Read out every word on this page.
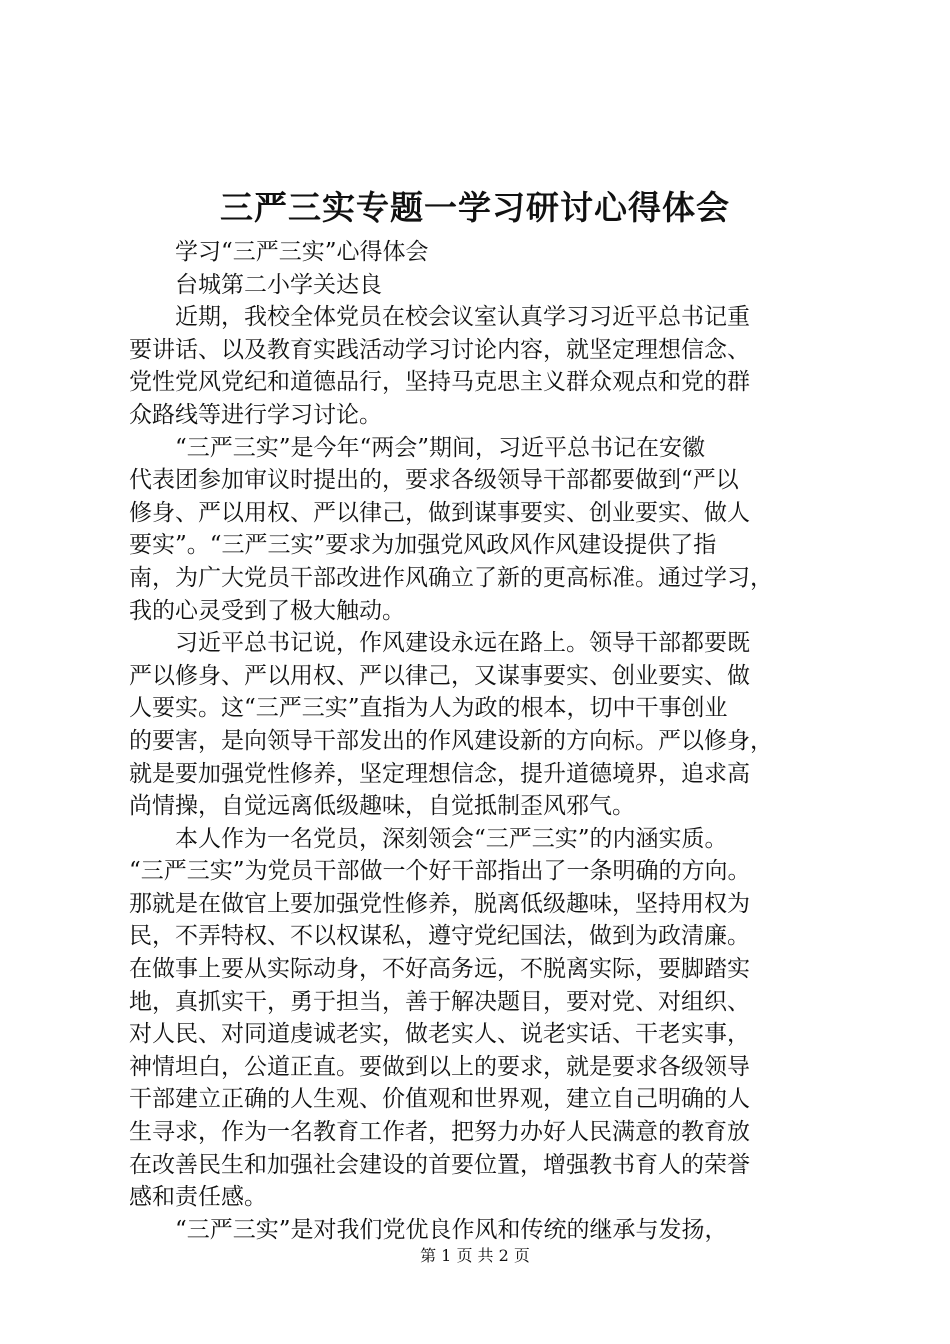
三严三实专题一学习研讨心得体会

　　学习“三严三实”心得体会

　　台城第二小学关达良

　　近期，我校全体党员在校会议室认真学习习近平总书记重

要讲话、以及教育实践活动学习讨论内容，就坚定理想信念、

党性党风党纪和道德品行，坚持马克思主义群众观点和党的群

众路线等进行学习讨论。

　　“三严三实”是今年“两会”期间，习近平总书记在安徽

代表团参加审议时提出的，要求各级领导干部都要做到“严以

修身、严以用权、严以律己，做到谋事要实、创业要实、做人

要实”。“三严三实”要求为加强党风政风作风建设提供了指

南，为广大党员干部改进作风确立了新的更高标准。通过学习，

我的心灵受到了极大触动。

　　习近平总书记说，作风建设永远在路上。领导干部都要既

严以修身、严以用权、严以律己，又谋事要实、创业要实、做

人要实。这“三严三实”直指为人为政的根本，切中干事创业

的要害，是向领导干部发出的作风建设新的方向标。严以修身，

就是要加强党性修养，坚定理想信念，提升道德境界，追求高

尚情操，自觉远离低级趣味，自觉抵制歪风邪气。

　　本人作为一名党员，深刻领会“三严三实”的内涵实质。

“三严三实”为党员干部做一个好干部指出了一条明确的方向。

那就是在做官上要加强党性修养，脱离低级趣味，坚持用权为

民，不弄特权、不以权谋私，遵守党纪国法，做到为政清廉。

在做事上要从实际动身，不好高务远，不脱离实际，要脚踏实

地，真抓实干，勇于担当，善于解决题目，要对党、对组织、

对人民、对同道虔诚老实，做老实人、说老实话、干老实事，

神情坦白，公道正直。要做到以上的要求，就是要求各级领导

干部建立正确的人生观、价值观和世界观，建立自己明确的人

生寻求，作为一名教育工作者，把努力办好人民满意的教育放

在改善民生和加强社会建设的首要位置，增强教书育人的荣誉

感和责任感。

　　“三严三实”是对我们党优良作风和传统的继承与发扬，

第 1 页 共 2 页
